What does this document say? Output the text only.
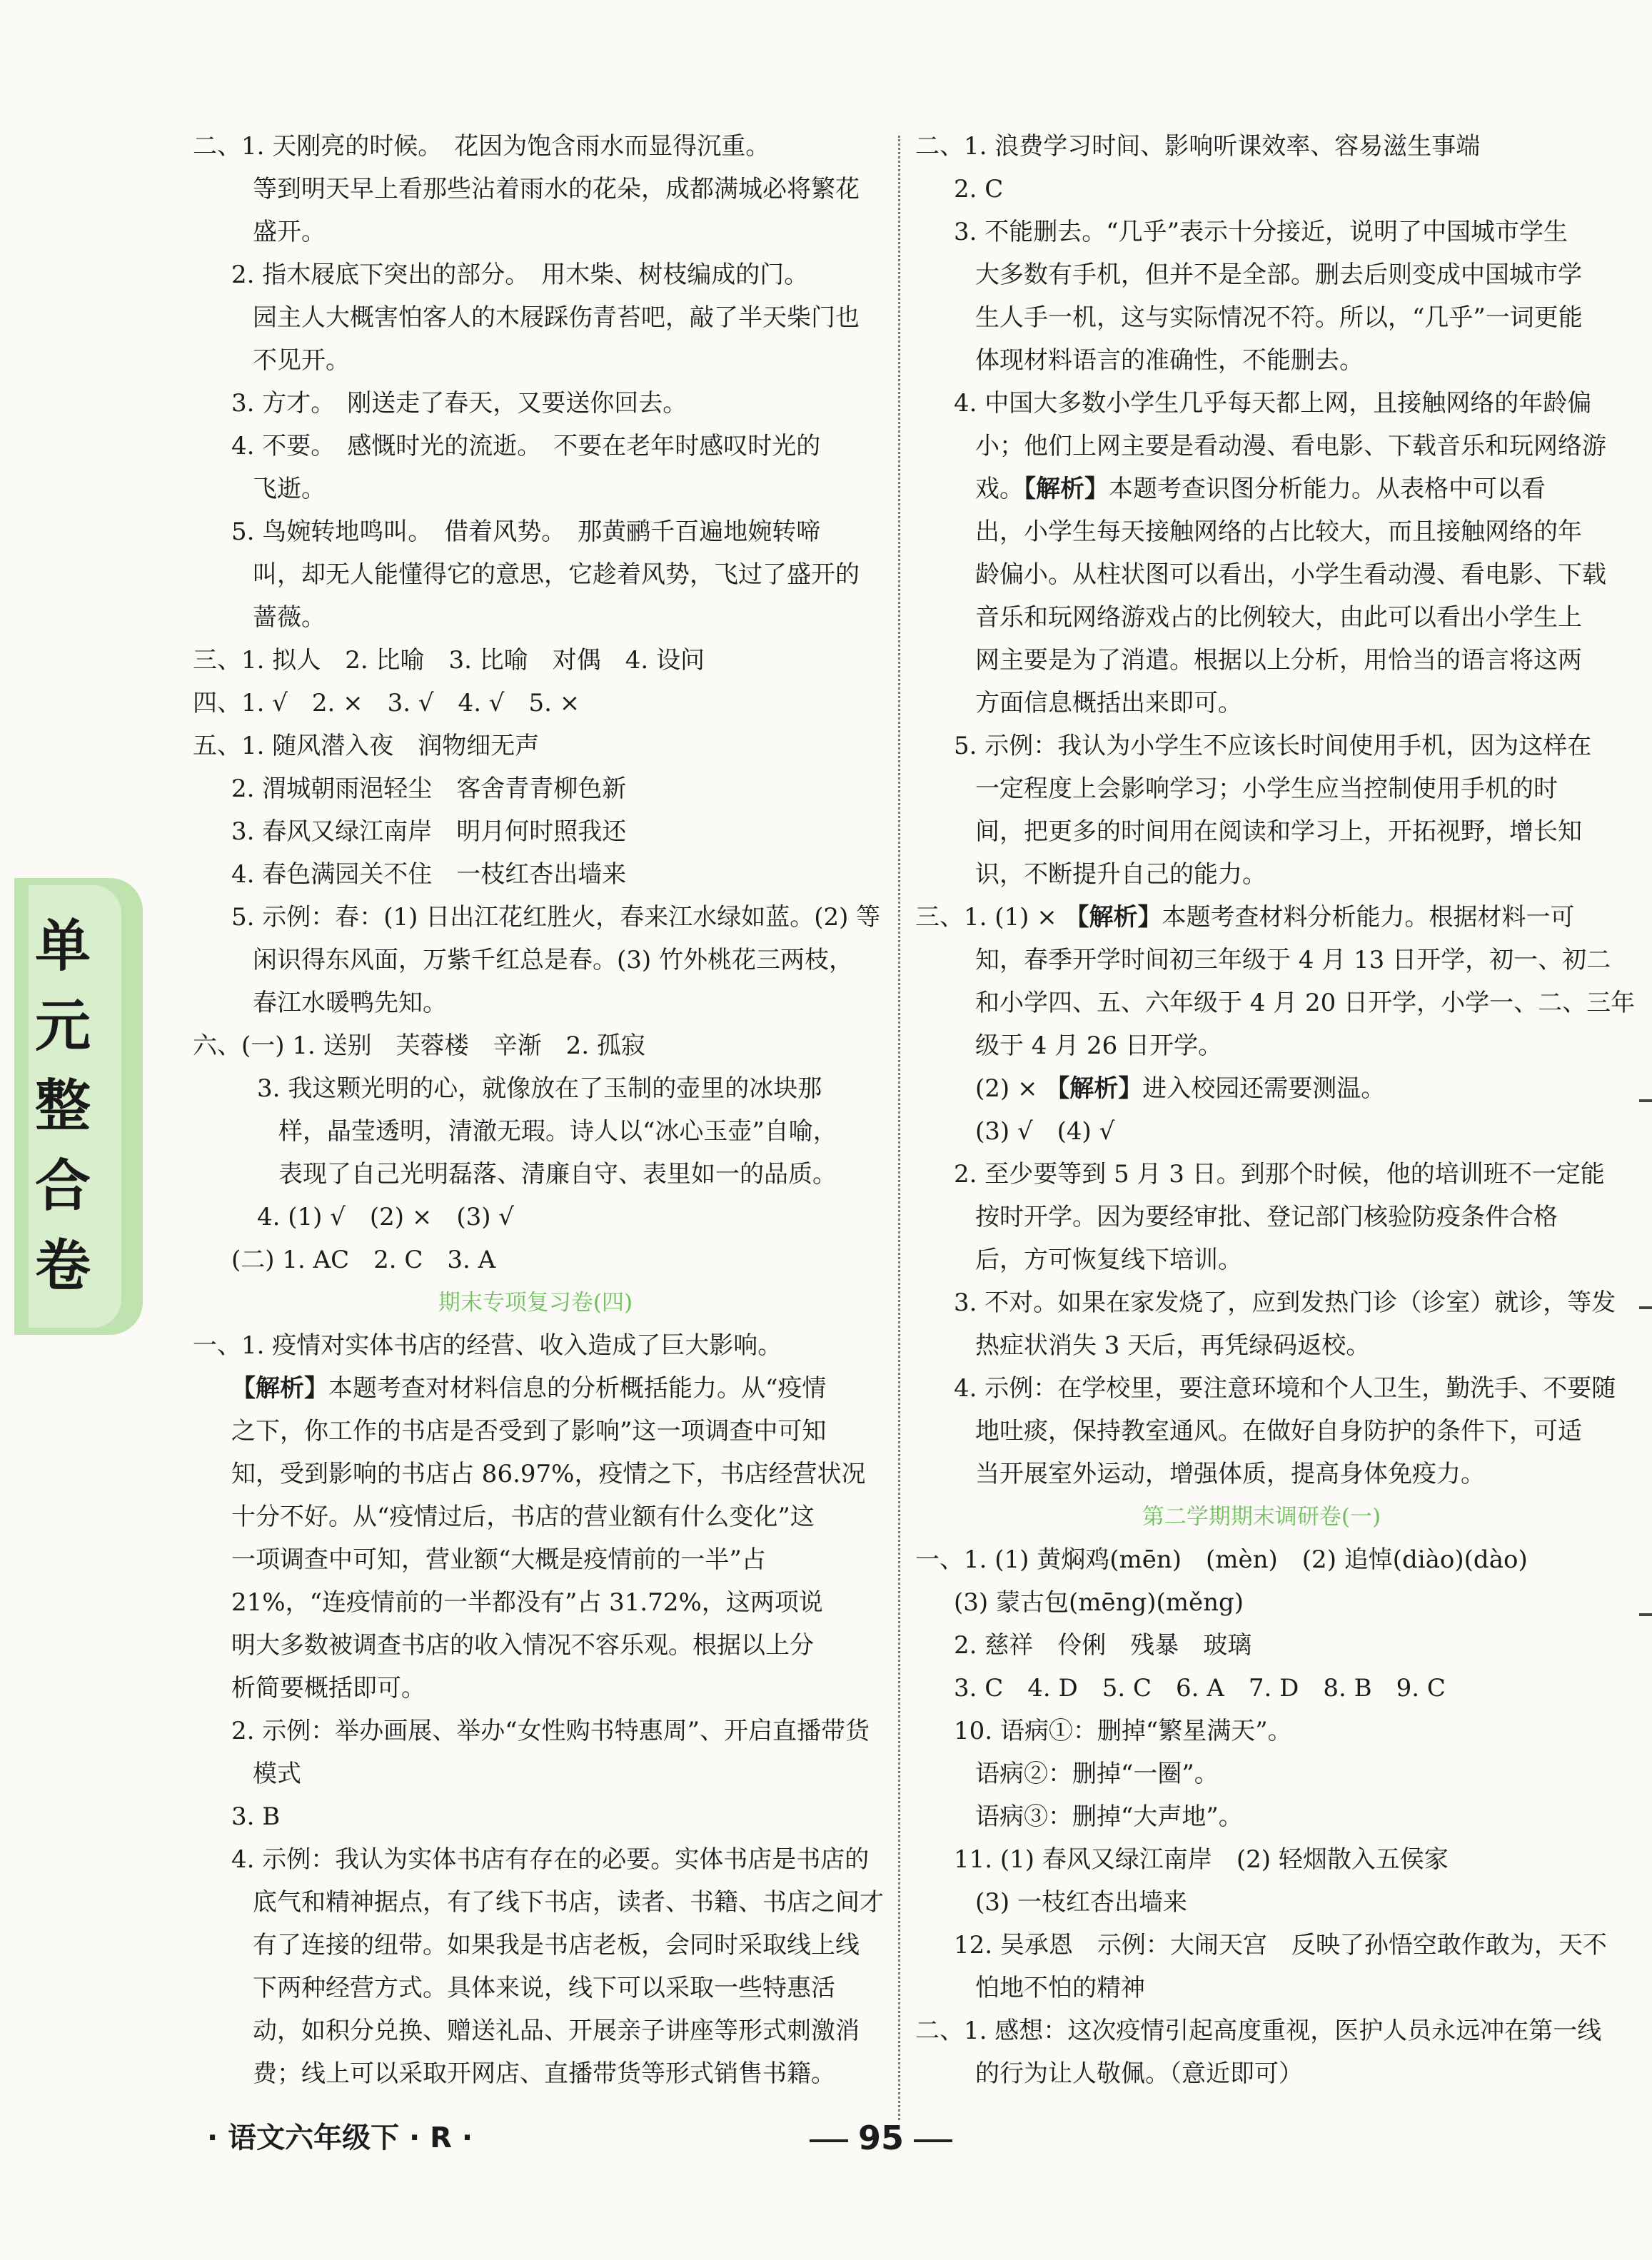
单元整合卷
二、1. 天刚亮的时候。　花因为饱含雨水而显得沉重。
等到明天早上看那些沾着雨水的花朵，成都满城必将繁花
盛开。
2. 指木屐底下突出的部分。　用木柴、树枝编成的门。
园主人大概害怕客人的木屐踩伤青苔吧，敲了半天柴门也
不见开。
3. 方才。　刚送走了春天，又要送你回去。
4. 不要。　感慨时光的流逝。　不要在老年时感叹时光的
飞逝。
5. 鸟婉转地鸣叫。　借着风势。　那黄鹂千百遍地婉转啼
叫，却无人能懂得它的意思，它趁着风势，飞过了盛开的
蔷薇。
三、1. 拟人　2. 比喻　3. 比喻　对偶　4. 设问
四、1. √　2. ×　3. √　4. √　5. ×
五、1. 随风潜入夜　润物细无声
2. 渭城朝雨浥轻尘　客舍青青柳色新
3. 春风又绿江南岸　明月何时照我还
4. 春色满园关不住　一枝红杏出墙来
5. 示例：春：(1) 日出江花红胜火，春来江水绿如蓝。(2) 等
闲识得东风面，万紫千红总是春。(3) 竹外桃花三两枝，
春江水暖鸭先知。
六、(一) 1. 送别　芙蓉楼　辛渐　2. 孤寂
3. 我这颗光明的心，就像放在了玉制的壶里的冰块那
样，晶莹透明，清澈无瑕。诗人以“冰心玉壶”自喻，
表现了自己光明磊落、清廉自守、表里如一的品质。
4. (1) √　(2) ×　(3) √
(二) 1. AC　2. C　3. A
期末专项复习卷(四)
一、1. 疫情对实体书店的经营、收入造成了巨大影响。
【解析】本题考查对材料信息的分析概括能力。从“疫情
之下，你工作的书店是否受到了影响”这一项调查中可知
知，受到影响的书店占 86.97%，疫情之下，书店经营状况
十分不好。从“疫情过后，书店的营业额有什么变化”这
一项调查中可知，营业额“大概是疫情前的一半”占
21%，“连疫情前的一半都没有”占 31.72%，这两项说
明大多数被调查书店的收入情况不容乐观。根据以上分
析简要概括即可。
2. 示例：举办画展、举办“女性购书特惠周”、开启直播带货
模式
3. B
4. 示例：我认为实体书店有存在的必要。实体书店是书店的
底气和精神据点，有了线下书店，读者、书籍、书店之间才
有了连接的纽带。如果我是书店老板，会同时采取线上线
下两种经营方式。具体来说，线下可以采取一些特惠活
动，如积分兑换、赠送礼品、开展亲子讲座等形式刺激消
费；线上可以采取开网店、直播带货等形式销售书籍。
二、1. 浪费学习时间、影响听课效率、容易滋生事端
2. C
3. 不能删去。“几乎”表示十分接近，说明了中国城市学生
大多数有手机，但并不是全部。删去后则变成中国城市学
生人手一机，这与实际情况不符。所以，“几乎”一词更能
体现材料语言的准确性，不能删去。
4. 中国大多数小学生几乎每天都上网，且接触网络的年龄偏
小；他们上网主要是看动漫、看电影、下载音乐和玩网络游
戏。【解析】本题考查识图分析能力。从表格中可以看
出，小学生每天接触网络的占比较大，而且接触网络的年
龄偏小。从柱状图可以看出，小学生看动漫、看电影、下载
音乐和玩网络游戏占的比例较大，由此可以看出小学生上
网主要是为了消遣。根据以上分析，用恰当的语言将这两
方面信息概括出来即可。
5. 示例：我认为小学生不应该长时间使用手机，因为这样在
一定程度上会影响学习；小学生应当控制使用手机的时
间，把更多的时间用在阅读和学习上，开拓视野，增长知
识，不断提升自己的能力。
三、1. (1) × 【解析】本题考查材料分析能力。根据材料一可
知，春季开学时间初三年级于 4 月 13 日开学，初一、初二
和小学四、五、六年级于 4 月 20 日开学，小学一、二、三年
级于 4 月 26 日开学。
(2) × 【解析】进入校园还需要测温。
(3) √　(4) √
2. 至少要等到 5 月 3 日。到那个时候，他的培训班不一定能
按时开学。因为要经审批、登记部门核验防疫条件合格
后，方可恢复线下培训。
3. 不对。如果在家发烧了，应到发热门诊（诊室）就诊，等发
热症状消失 3 天后，再凭绿码返校。
4. 示例：在学校里，要注意环境和个人卫生，勤洗手、不要随
地吐痰，保持教室通风。在做好自身防护的条件下，可适
当开展室外运动，增强体质，提高身体免疫力。
第二学期期末调研卷(一)
一、1. (1) 黄焖鸡(mēn)　(mèn)　(2) 追悼(diào)(dào)
(3) 蒙古包(mēng)(měng)
2. 慈祥　伶俐　残暴　玻璃
3. C　4. D　5. C　6. A　7. D　8. B　9. C
10. 语病①：删掉“繁星满天”。
语病②：删掉“一圈”。
语病③：删掉“大声地”。
11. (1) 春风又绿江南岸　(2) 轻烟散入五侯家
(3) 一枝红杏出墙来
12. 吴承恩　示例：大闹天宫　反映了孙悟空敢作敢为，天不
怕地不怕的精神
二、1. 感想：这次疫情引起高度重视，医护人员永远冲在第一线
的行为让人敬佩。（意近即可）
· 语文六年级下 · R ·	95
